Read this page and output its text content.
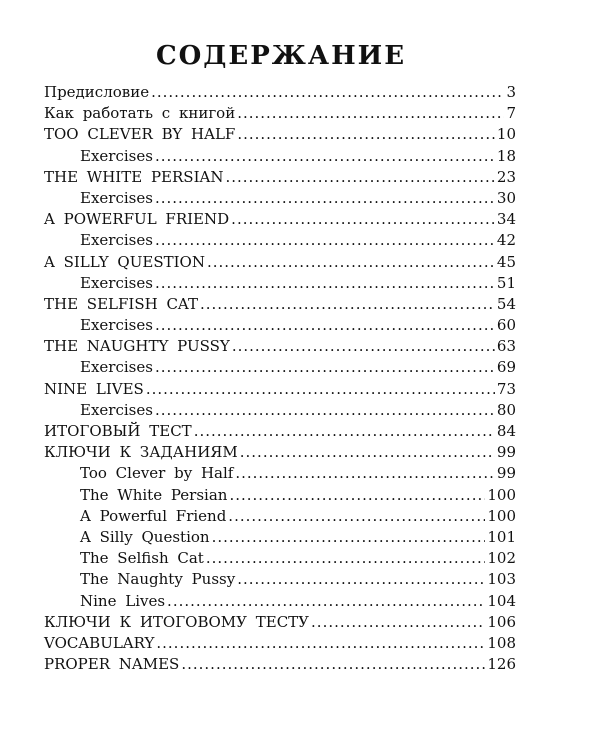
СОДЕРЖАНИЕ
Предисловие .....	3
Как работать с книгой .....	7
TOO CLEVER BY HALF .....	10
Exercises .....	18
THE WHITE PERSIAN .....	23
Exercises .....	30
A POWERFUL FRIEND .....	34
Exercises .....	42
A SILLY QUESTION .....	45
Exercises .....	51
THE SELFISH CAT .....	54
Exercises .....	60
THE NAUGHTY PUSSY .....	63
Exercises .....	69
NINE LIVES .....	73
Exercises .....	80
ИТОГОВЫЙ ТЕСТ .....	84
КЛЮЧИ К ЗАДАНИЯМ .....	99
Too Clever by Half .....	99
The White Persian .....	100
A Powerful Friend .....	100
A Silly Question .....	101
The Selfish Cat .....	102
The Naughty Pussy .....	103
Nine Lives .....	104
КЛЮЧИ К ИТОГОВОМУ ТЕСТУ .....	106
VOCABULARY .....	108
PROPER NAMES .....	126
